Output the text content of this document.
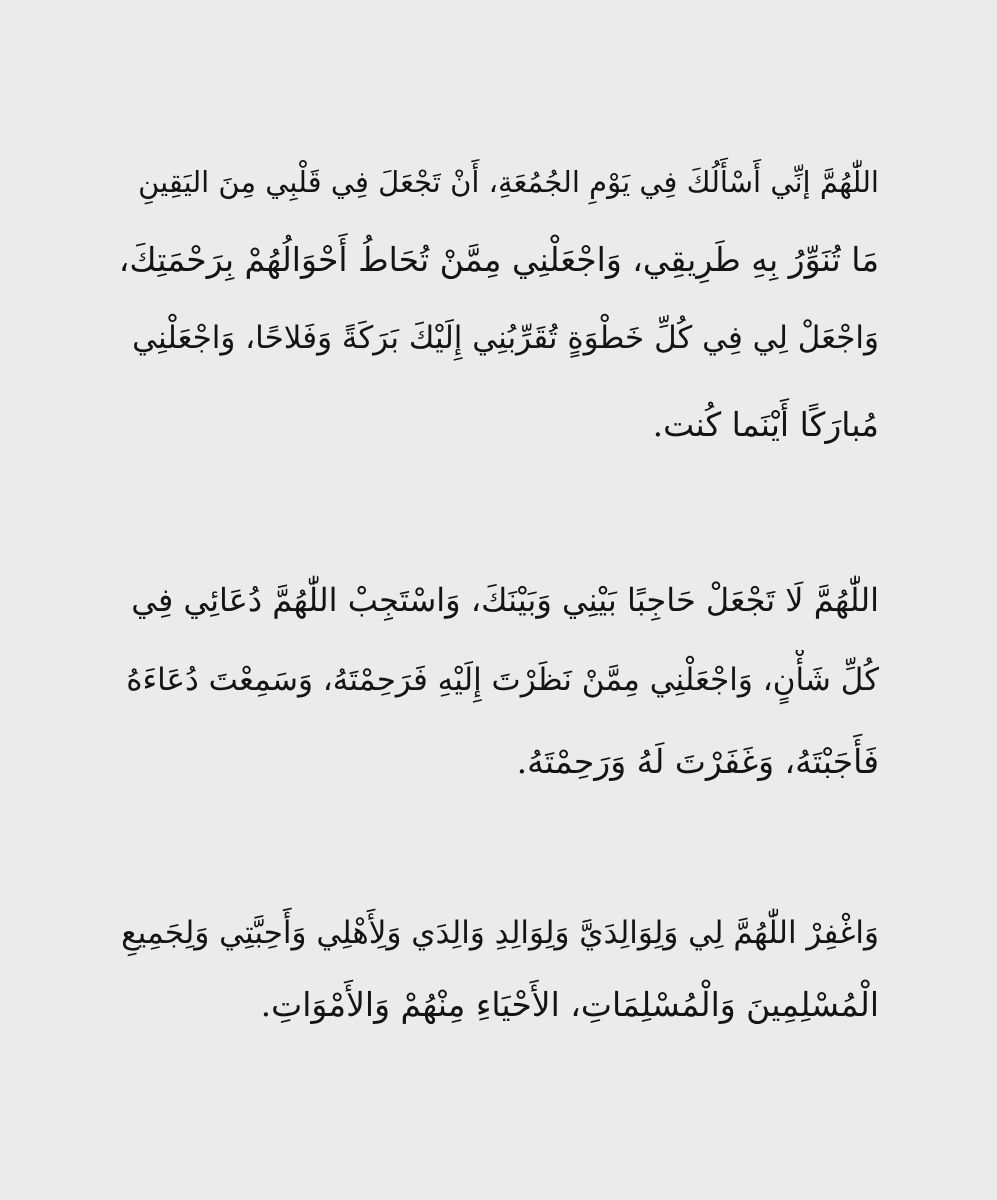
اللّٰهُمَّ إنِّي أَسْأَلُكَ فِي يَوْمِ الجُمُعَةِ، أَنْ تَجْعَلَ فِي قَلْبِي مِنَ اليَقِينِ
مَا تُنَوِّرُ بِهِ طَرِيقِي، وَاجْعَلْنِي مِمَّنْ تُحَاطُ أَحْوَالُهُمْ بِرَحْمَتِكَ،
وَاجْعَلْ لِي فِي كُلِّ خَطْوَةٍ تُقَرِّبُنِي إِلَيْكَ بَرَكَةً وَفَلاحًا، وَاجْعَلْنِي
مُبارَكًا أَيْنَما كُنت.
اللّٰهُمَّ لَا تَجْعَلْ حَاجِبًا بَيْنِي وَبَيْنَكَ، وَاسْتَجِبْ اللّٰهُمَّ دُعَائِي فِي
كُلِّ شَأْنٍ، وَاجْعَلْنِي مِمَّنْ نَظَرْتَ إِلَيْهِ فَرَحِمْتَهُ، وَسَمِعْتَ دُعَاءَهُ
فَأَجَبْتَهُ، وَغَفَرْتَ لَهُ وَرَحِمْتَهُ.
وَاغْفِرْ اللّٰهُمَّ لِي وَلِوَالِدَيَّ وَلِوَالِدِ وَالِدَي وَلِأَهْلِي وَأَحِبَّتِي وَلِجَمِيعِ
الْمُسْلِمِينَ وَالْمُسْلِمَاتِ، الأَحْيَاءِ مِنْهُمْ وَالأَمْوَاتِ.
